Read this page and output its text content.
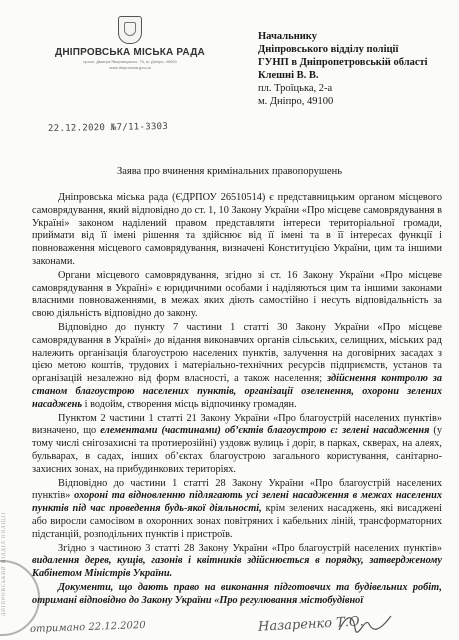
ДНІПРОВСЬКА МІСЬКА РАДА
просп. Дмитра Яворницького, 75, м. Дніпро, 49000
www.dniprorada.gov.ua
22.12.2020 №7/11-3303
Начальнику
Дніпровського відділу поліції
ГУНП в Дніпропетровській області
Клешні В. В.
пл. Троїцька, 2-а
м. Дніпро, 49100
Заява про вчинення кримінальних правопорушень

Дніпровська міська рада (ЄДРПОУ 26510514) є представницьким органом місцевого самоврядування, який відповідно до ст. 1, 10 Закону України «Про місцеве самоврядування в Україні» законом наділений правом представляти інтереси територіальної громади, приймати від її імені рішення та здійснює від її імені та в її інтересах функції і повноваження місцевого самоврядування, визначені Конституцією України, цим та іншими законами.

Органи місцевого самоврядування, згідно зі ст. 16 Закону України «Про місцеве самоврядування в Україні» є юридичними особами і наділяються цим та іншими законами власними повноваженнями, в межах яких діють самостійно і несуть відповідальність за свою діяльність відповідно до закону.

Відповідно до пункту 7 частини 1 статті 30 Закону України «Про місцеве самоврядування в Україні» до відання виконавчих органів сільських, селищних, міських рад належить організація благоустрою населених пунктів, залучення на договірних засадах з цією метою коштів, трудових і матеріально-технічних ресурсів підприємств, установ та організацій незалежно від форм власності, а також населення; здійснення контролю за станом благоустрою населених пунктів, організації озеленення, охорони зелених насаджень і водойм, створення місць відпочинку громадян.

Пунктом 2 частини 1 статті 21 Закону України «Про благоустрій населених пунктів» визначено, що елементами (частинами) об’єктів благоустрою є: зелені насадження (у тому числі снігозахисні та протиерозійні) уздовж вулиць і доріг, в парках, скверах, на алеях, бульварах, в садах, інших об’єктах благоустрою загального користування, санітарно-захисних зонах, на прибудинкових територіях.

Відповідно до частини 1 статті 28 Закону України «Про благоустрій населених пунктів» охороні та відновленню підлягають усі зелені насадження в межах населених пунктів під час проведення будь-якої діяльності, крім зелених насаджень, які висаджені або виросли самосівом в охоронних зонах повітряних і кабельних ліній, трансформаторних підстанцій, розподільних пунктів і пристроїв.

Згідно з частиною 3 статті 28 Закону України «Про благоустрій населених пунктів» видалення дерев, кущів, газонів і квітників здійснюється в порядку, затвердженому Кабінетом Міністрів України.

Документи, що дають право на виконання підготовчих та будівельних робіт, отримані відповідно до Закону України «Про регулювання містобудівної

ДНІПРОВСЬКИЙ ВІДДІЛ ПОЛІЦІЇ
отримано 22.12.2020	Назаренко Т.О.
